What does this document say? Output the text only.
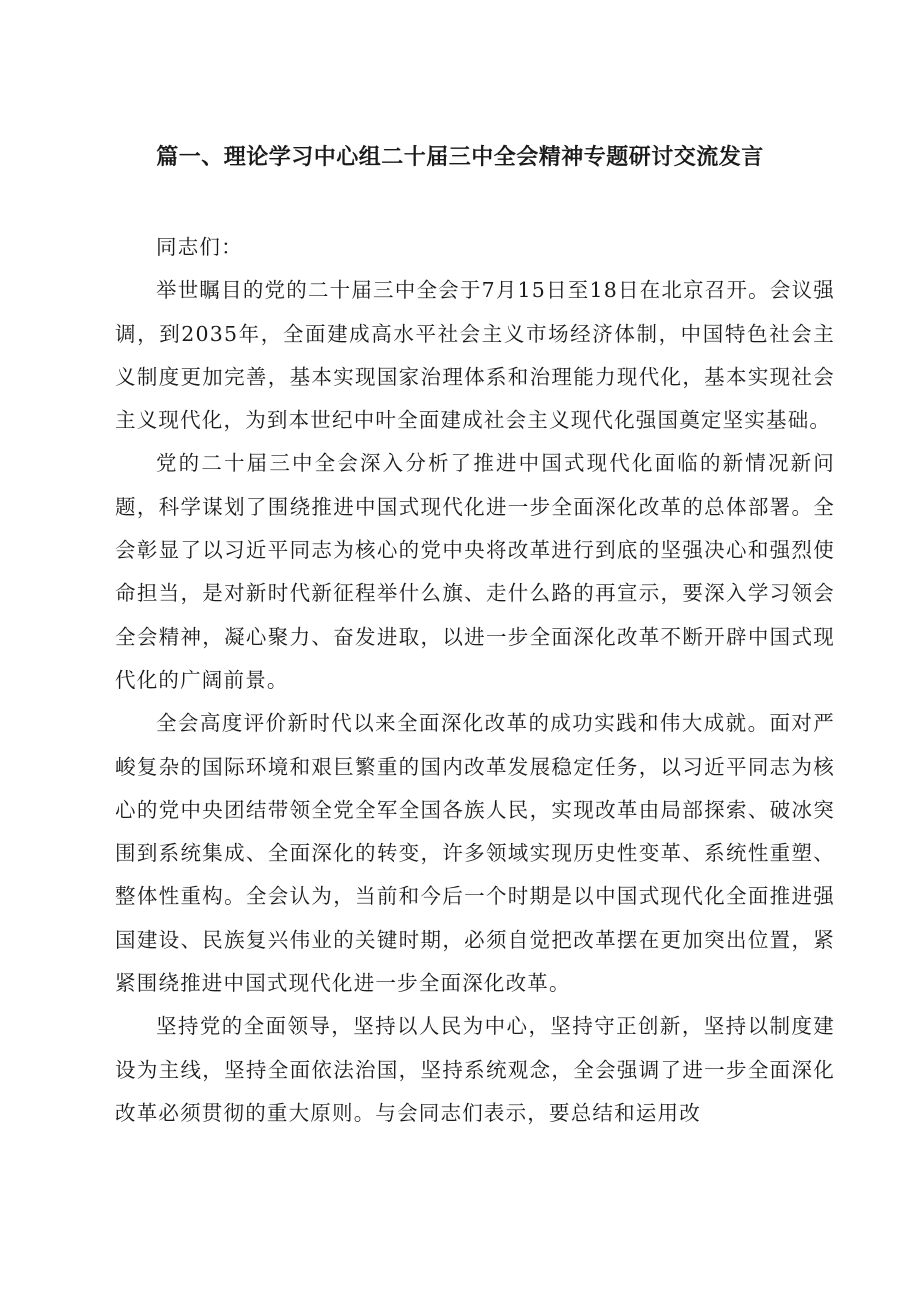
篇一、理论学习中心组二十届三中全会精神专题研讨交流发言

同志们：

举世瞩目的党的二十届三中全会于7月15日至18日在北京召开。会议强调，到2035年，全面建成高水平社会主义市场经济体制，中国特色社会主义制度更加完善，基本实现国家治理体系和治理能力现代化，基本实现社会主义现代化，为到本世纪中叶全面建成社会主义现代化强国奠定坚实基础。

党的二十届三中全会深入分析了推进中国式现代化面临的新情况新问题，科学谋划了围绕推进中国式现代化进一步全面深化改革的总体部署。全会彰显了以习近平同志为核心的党中央将改革进行到底的坚强决心和强烈使命担当，是对新时代新征程举什么旗、走什么路的再宣示，要深入学习领会全会精神，凝心聚力、奋发进取，以进一步全面深化改革不断开辟中国式现代化的广阔前景。

全会高度评价新时代以来全面深化改革的成功实践和伟大成就。面对严峻复杂的国际环境和艰巨繁重的国内改革发展稳定任务，以习近平同志为核心的党中央团结带领全党全军全国各族人民，实现改革由局部探索、破冰突围到系统集成、全面深化的转变，许多领域实现历史性变革、系统性重塑、整体性重构。全会认为，当前和今后一个时期是以中国式现代化全面推进强国建设、民族复兴伟业的关键时期，必须自觉把改革摆在更加突出位置，紧紧围绕推进中国式现代化进一步全面深化改革。

坚持党的全面领导，坚持以人民为中心，坚持守正创新，坚持以制度建设为主线，坚持全面依法治国，坚持系统观念，全会强调了进一步全面深化改革必须贯彻的重大原则。与会同志们表示，要总结和运用改
